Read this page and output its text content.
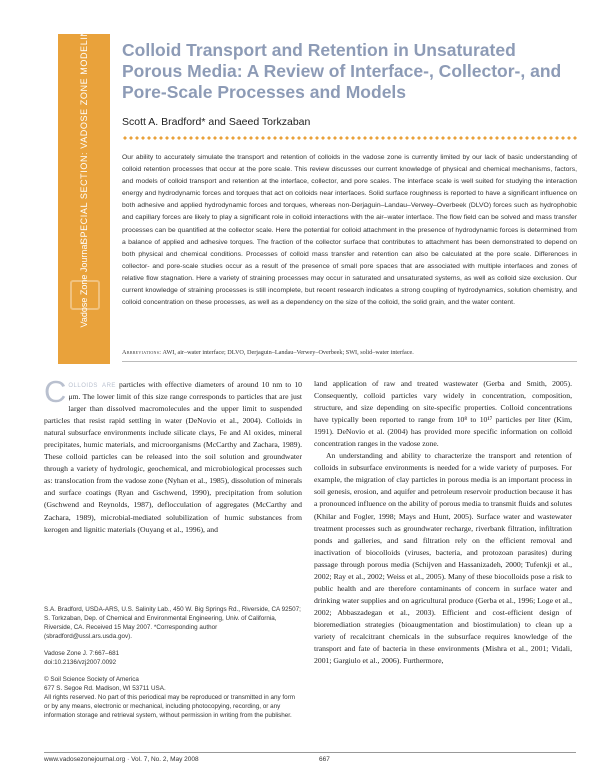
SPECIAL SECTION: VADOSE ZONE MODELING
Vadose Zone Journal
Colloid Transport and Retention in Unsaturated Porous Media: A Review of Interface-, Collector-, and Pore-Scale Processes and Models
Scott A. Bradford* and Saeed Torkzaban
Our ability to accurately simulate the transport and retention of colloids in the vadose zone is currently limited by our lack of basic understanding of colloid retention processes that occur at the pore scale. This review discusses our current knowledge of physical and chemical mechanisms, factors, and models of colloid transport and retention at the interface, collector, and pore scales. The interface scale is well suited for studying the interaction energy and hydrodynamic forces and torques that act on colloids near interfaces. Solid surface roughness is reported to have a significant influence on both adhesive and applied hydrodynamic forces and torques, whereas non-Derjaguin–Landau–Verwey–Overbeek (DLVO) forces such as hydrophobic and capillary forces are likely to play a significant role in colloid interactions with the air–water interface. The flow field can be solved and mass transfer processes can be quantified at the collector scale. Here the potential for colloid attachment in the presence of hydrodynamic forces is determined from a balance of applied and adhesive torques. The fraction of the collector surface that contributes to attachment has been demonstrated to depend on both physical and chemical conditions. Processes of colloid mass transfer and retention can also be calculated at the pore scale. Differences in collector- and pore-scale studies occur as a result of the presence of small pore spaces that are associated with multiple interfaces and zones of relative flow stagnation. Here a variety of straining processes may occur in saturated and unsaturated systems, as well as colloid size exclusion. Our current knowledge of straining processes is still incomplete, but recent research indicates a strong coupling of hydrodynamics, solution chemistry, and colloid concentration on these processes, as well as a dependency on the size of the colloid, the solid grain, and the water content.
Abbreviations: AWI, air–water interface; DLVO, Derjaguin–Landau–Verwey–Overbeek; SWI, solid–water interface.

Colloids are particles with effective diameters of around 10 nm to 10 μm. The lower limit of this size range corresponds to particles that are just larger than dissolved macromolecules and the upper limit to suspended particles that resist rapid settling in water (DeNovio et al., 2004). Colloids in natural subsurface environments include silicate clays, Fe and Al oxides, mineral precipitates, humic materials, and microorganisms (McCarthy and Zachara, 1989). These colloid particles can be released into the soil solution and groundwater through a variety of hydrologic, geochemical, and microbiological processes such as: translocation from the vadose zone (Nyhan et al., 1985), dissolution of minerals and surface coatings (Ryan and Gschwend, 1990), precipitation from solution (Gschwend and Reynolds, 1987), deflocculation of aggregates (McCarthy and Zachara, 1989), microbial-mediated solubilization of humic substances from kerogen and lignitic materials (Ouyang et al., 1996), and

land application of raw and treated wastewater (Gerba and Smith, 2005). Consequently, colloid particles vary widely in concentration, composition, structure, and size depending on site-specific properties. Colloid concentrations have typically been reported to range from 10⁸ to 10¹⁷ particles per liter (Kim, 1991). DeNovio et al. (2004) has provided more specific information on colloid concentration ranges in the vadose zone.

An understanding and ability to characterize the transport and retention of colloids in subsurface environments is needed for a wide variety of purposes. For example, the migration of clay particles in porous media is an important process in soil genesis, erosion, and aquifer and petroleum reservoir production because it has a pronounced influence on the ability of porous media to transmit fluids and solutes (Khilar and Fogler, 1998; Mays and Hunt, 2005). Surface water and wastewater treatment processes such as groundwater recharge, riverbank filtration, infiltration ponds and galleries, and sand filtration rely on the efficient removal and inactivation of biocolloids (viruses, bacteria, and protozoan parasites) during passage through porous media (Schijven and Hassanizadeh, 2000; Tufenkji et al., 2002; Ray et al., 2002; Weiss et al., 2005). Many of these biocolloids pose a risk to public health and are therefore contaminants of concern in surface water and drinking water supplies and on agricultural produce (Gerba et al., 1996; Loge et al., 2002; Abbaszadegan et al., 2003). Efficient and cost-efficient design of bioremediation strategies (bioaugmentation and biostimulation) to clean up a variety of recalcitrant chemicals in the subsurface requires knowledge of the transport and fate of bacteria in these environments (Mishra et al., 2001; Vidali, 2001; Gargiulo et al., 2006). Furthermore,

S.A. Bradford, USDA-ARS, U.S. Salinity Lab., 450 W. Big Springs Rd., Riverside, CA 92507; S. Torkzaban, Dep. of Chemical and Environmental Engineering, Univ. of California, Riverside, CA. Received 15 May 2007. *Corresponding author (sbradford@ussl.ars.usda.gov).

Vadose Zone J. 7:667–681
doi:10.2136/vzj2007.0092

© Soil Science Society of America
677 S. Segoe Rd. Madison, WI 53711 USA.
All rights reserved. No part of this periodical may be reproduced or transmitted in any form or by any means, electronic or mechanical, including photocopying, recording, or any information storage and retrieval system, without permission in writing from the publisher.

www.vadosezonejournal.org · Vol. 7, No. 2, May 2008	667
